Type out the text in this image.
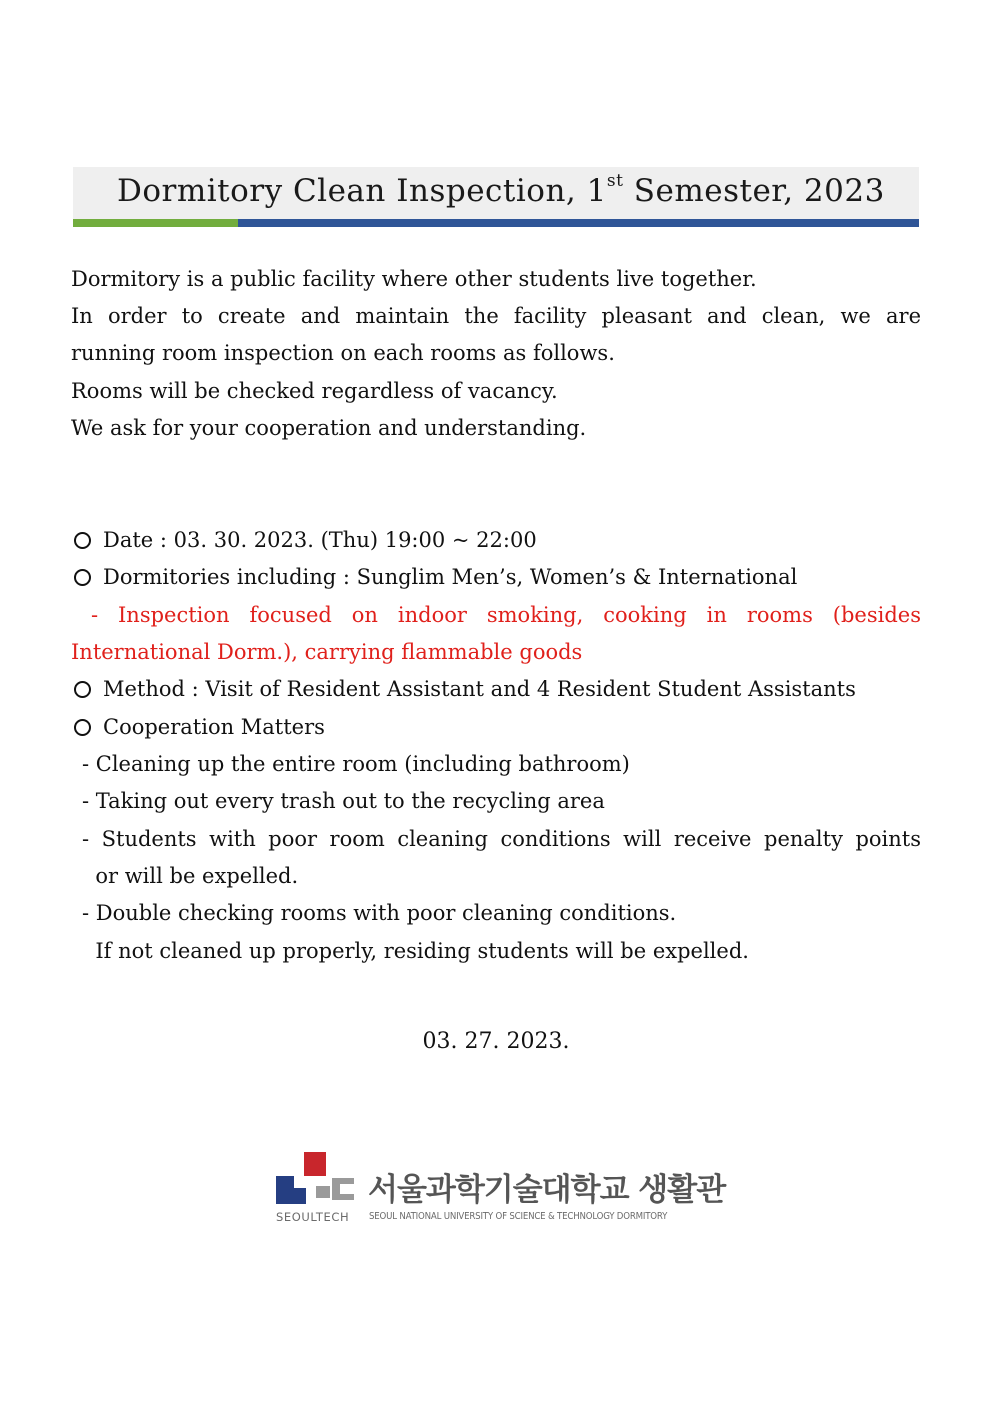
Dormitory Clean Inspection, 1st Semester, 2023
Dormitory is a public facility where other students live together.
In order to create and maintain the facility pleasant and clean, we are
running room inspection on each rooms as follows.
Rooms will be checked regardless of vacancy.
We ask for your cooperation and understanding.
Date : 03. 30. 2023. (Thu) 19:00 ~ 22:00
Dormitories including : Sunglim Men’s, Women’s & International
- Inspection focused on indoor smoking, cooking in rooms (besides
International Dorm.), carrying flammable goods
Method : Visit of Resident Assistant and 4 Resident Student Assistants
Cooperation Matters
- Cleaning up the entire room (including bathroom)
- Taking out every trash out to the recycling area
- Students with poor room cleaning conditions will receive penalty points
or will be expelled.
- Double checking rooms with poor cleaning conditions.
If not cleaned up properly, residing students will be expelled.
03. 27. 2023.
서울과학기술대학교 생활관
SEOULTECH SEOUL NATIONAL UNIVERSITY OF SCIENCE & TECHNOLOGY DORMITORY
